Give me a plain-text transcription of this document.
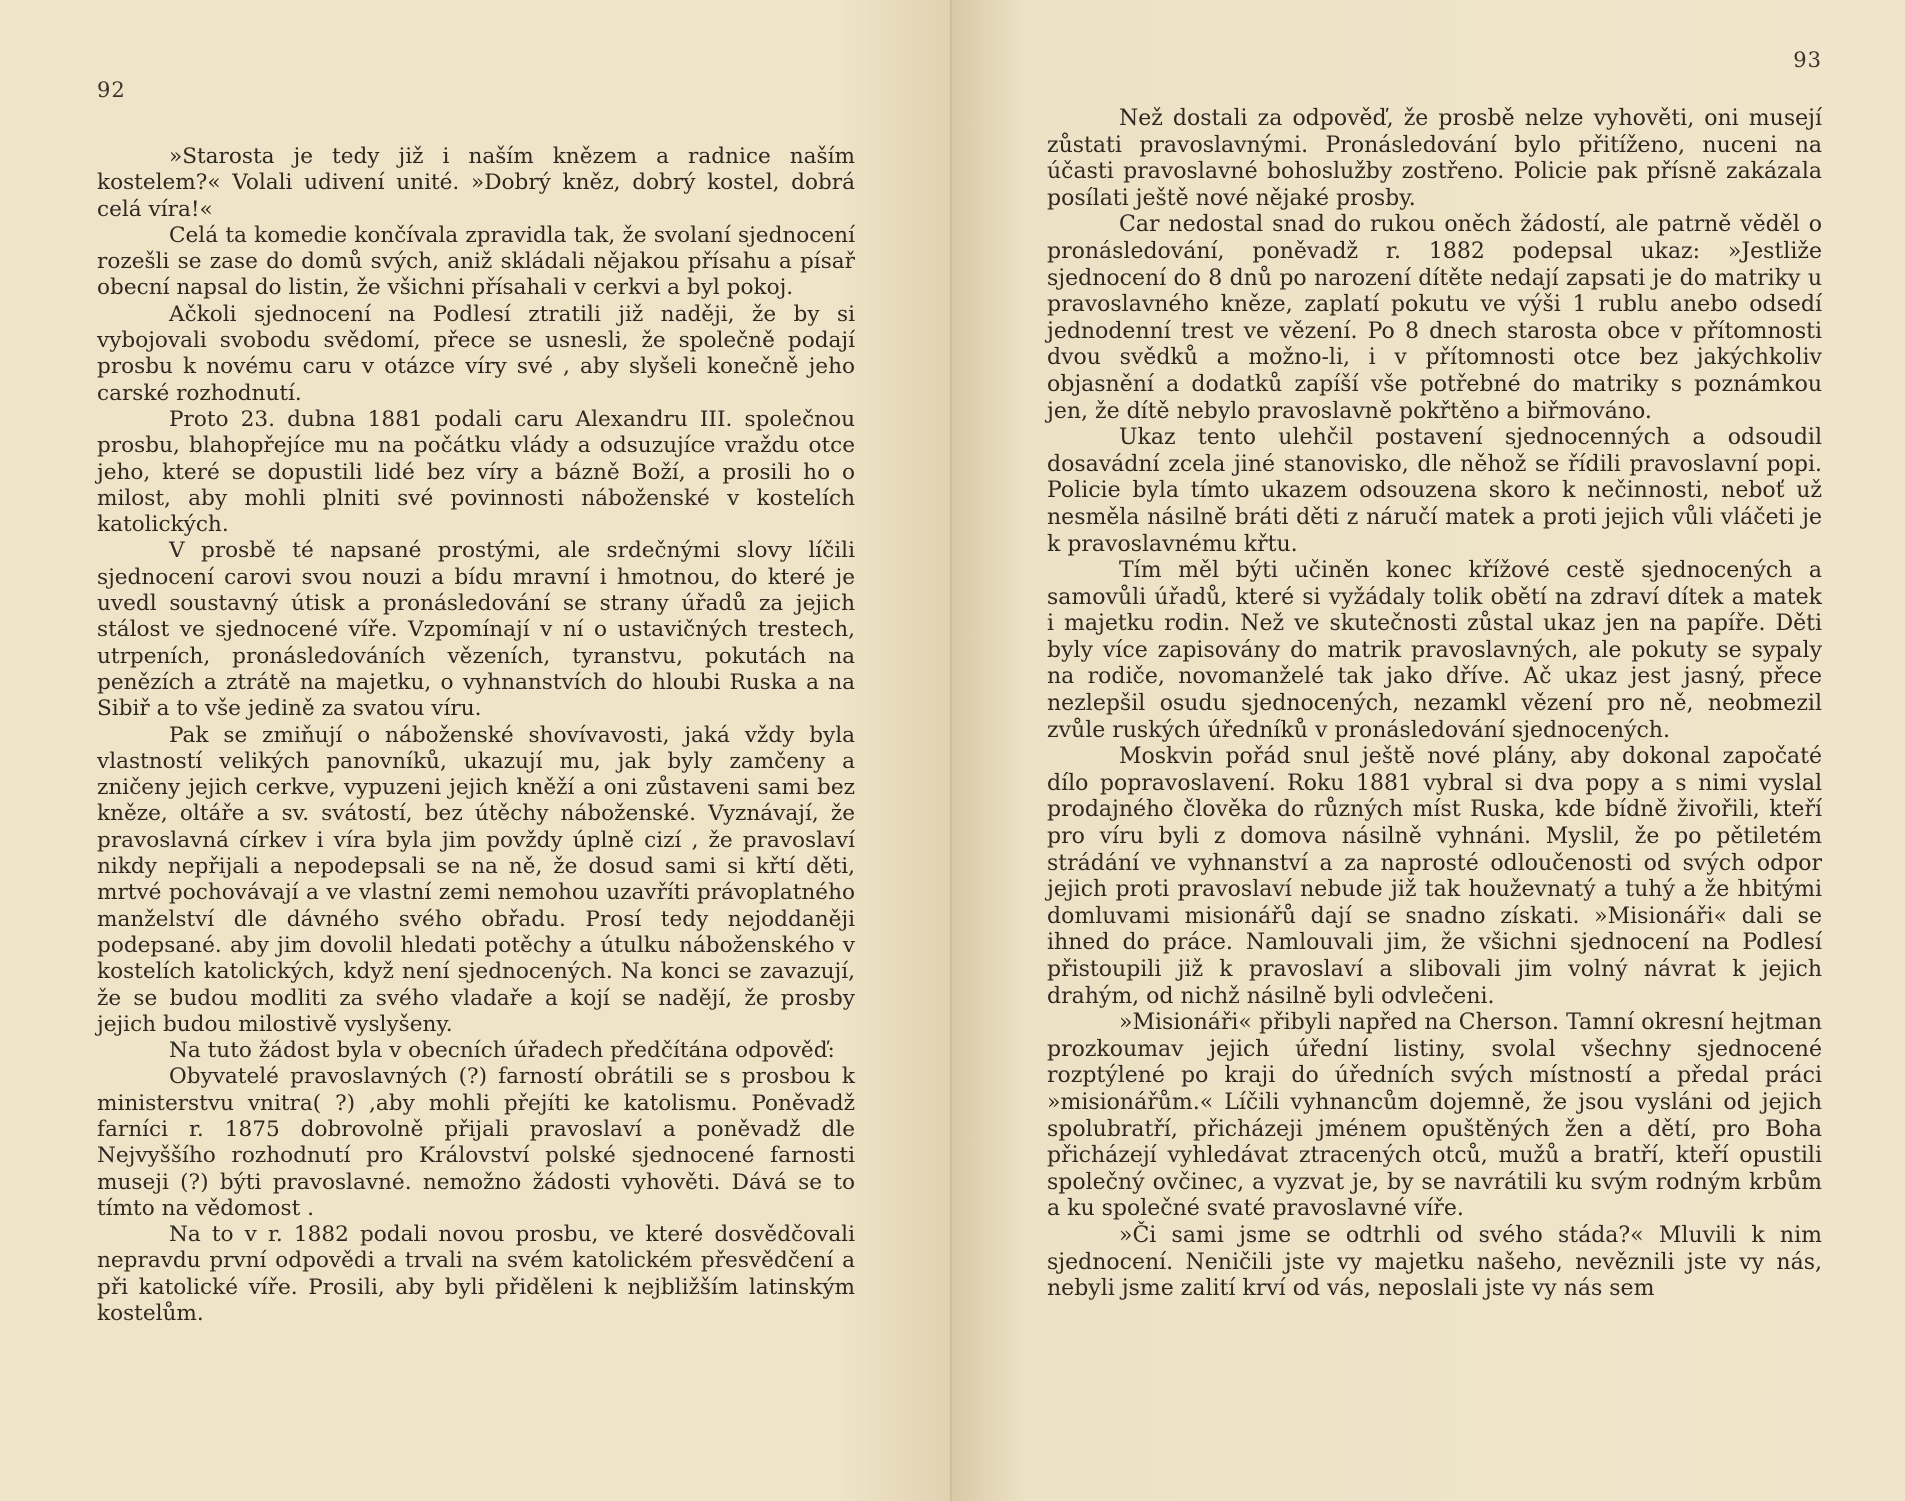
92

»Starosta je tedy již i naším knězem a radnice naším kostelem?« Volali udivení unité. »Dobrý kněz, dobrý kostel, dobrá celá víra!«

Celá ta komedie končívala zpravidla tak, že svolaní sjednocení rozešli se zase do domů svých, aniž skládali nějakou přísahu a písař obecní napsal do listin, že všichni přísahali v cerkvi a byl pokoj.

Ačkoli sjednocení na Podlesí ztratili již naději, že by si vybojovali svobodu svědomí, přece se usnesli, že společně podají prosbu k novému caru v otázce víry své , aby slyšeli konečně jeho carské rozhodnutí.

Proto 23. dubna 1881 podali caru Alexandru III. společnou prosbu, blahopřejíce mu na počátku vlády a odsuzujíce vraždu otce jeho, které se dopustili lidé bez víry a bázně Boží, a prosili ho o milost, aby mohli plniti své povinnosti náboženské v kostelích katolických.

V prosbě té napsané prostými, ale srdečnými slovy líčili sjednocení carovi svou nouzi a bídu mravní i hmotnou, do které je uvedl soustavný útisk a pronásledování se strany úřadů za jejich stálost ve sjednocené víře. Vzpomínají v ní o ustavičných trestech, utrpeních, pronásledováních vězeních, tyranstvu, pokutách na penězích a ztrátě na majetku, o vyhnanstvích do hloubi Ruska a na Sibiř a to vše jedině za svatou víru.

Pak se zmiňují o náboženské shovívavosti, jaká vždy byla vlastností velikých panovníků, ukazují mu, jak byly zamčeny a zničeny jejich cerkve, vypuzeni jejich kněží a oni zůstaveni sami bez kněze, oltáře a sv. svátostí, bez útěchy náboženské. Vyznávají, že pravoslavná církev i víra byla jim povždy úplně cizí , že pravoslaví nikdy nepřijali a nepodepsali se na ně, že dosud sami si křtí děti, mrtvé pochovávají a ve vlastní zemi nemohou uzavříti právoplatného manželství dle dávného svého obřadu. Prosí tedy nejoddaněji podepsané. aby jim dovolil hledati potěchy a útulku náboženského v kostelích katolických, když není sjednocených. Na konci se zavazují, že se budou modliti za svého vladaře a kojí se nadějí, že prosby jejich budou milostivě vyslyšeny.

Na tuto žádost byla v obecních úřadech předčítána odpověď:

Obyvatelé pravoslavných (?) farností obrátili se s prosbou k ministerstvu vnitra( ?) ,aby mohli přejíti ke katolismu. Poněvadž farníci r. 1875 dobrovolně přijali pravoslaví a poněvadž dle Nejvyššího rozhodnutí pro Království polské sjednocené farnosti museji (?) býti pravoslavné. nemožno žádosti vyhověti. Dává se to tímto na vědomost .

Na to v r. 1882 podali novou prosbu, ve které dosvědčovali nepravdu první odpovědi a trvali na svém katolickém přesvědčení a při katolické víře. Prosili, aby byli přiděleni k nejbližším latinským kostelům.

93

Než dostali za odpověď, že prosbě nelze vyhověti, oni musejí zůstati pravoslavnými. Pronásledování bylo přitíženo, nuceni na účasti pravoslavné bohoslužby zostřeno. Policie pak přísně zakázala posílati ještě nové nějaké prosby.

Car nedostal snad do rukou oněch žádostí, ale patrně věděl o pronásledování, poněvadž r. 1882 podepsal ukaz: »Jestliže sjednocení do 8 dnů po narození dítěte nedají zapsati je do matriky u pravoslavného kněze, zaplatí pokutu ve výši 1 rublu anebo odsedí jednodenní trest ve vězení. Po 8 dnech starosta obce v přítomnosti dvou svědků a možno-li, i v přítomnosti otce bez jakýchkoliv objasnění a dodatků zapíší vše potřebné do matriky s poznámkou jen, že dítě nebylo pravoslavně pokřtěno a biřmováno.

Ukaz tento ulehčil postavení sjednocenných a odsoudil dosavádní zcela jiné stanovisko, dle něhož se řídili pravoslavní popi. Policie byla tímto ukazem odsouzena skoro k nečinnosti, neboť už nesměla násilně bráti děti z náručí matek a proti jejich vůli vláčeti je k pravoslavnému křtu.

Tím měl býti učiněn konec křížové cestě sjednocených a samovůli úřadů, které si vyžádaly tolik obětí na zdraví dítek a matek i majetku rodin. Než ve skutečnosti zůstal ukaz jen na papíře. Děti byly více zapisovány do matrik pravoslavných, ale pokuty se sypaly na rodiče, novomanželé tak jako dříve. Ač ukaz jest jasný, přece nezlepšil osudu sjednocených, nezamkl vězení pro ně, neobmezil zvůle ruských úředníků v pronásledování sjednocených.

Moskvin pořád snul ještě nové plány, aby dokonal započaté dílo popravoslavení. Roku 1881 vybral si dva popy a s nimi vyslal prodajného člověka do různých míst Ruska, kde bídně živořili, kteří pro víru byli z domova násilně vyhnáni. Myslil, že po pětiletém strádání ve vyhnanství a za naprosté odloučenosti od svých odpor jejich proti pravoslaví nebude již tak houževnatý a tuhý a že hbitými domluvami misionářů dají se snadno získati. »Misionáři« dali se ihned do práce. Namlouvali jim, že všichni sjednocení na Podlesí přistoupili již k pravoslaví a slibovali jim volný návrat k jejich drahým, od nichž násilně byli odvlečeni.

»Misionáři« přibyli napřed na Cherson. Tamní okresní hejtman prozkoumav jejich úřední listiny, svolal všechny sjednocené rozptýlené po kraji do úředních svých místností a předal práci »misionářům.« Líčili vyhnancům dojemně, že jsou vysláni od jejich spolubratří, přicházeji jménem opuštěných žen a dětí, pro Boha přicházejí vyhledávat ztracených otců, mužů a bratří, kteří opustili společný ovčinec, a vyzvat je, by se navrátili ku svým rodným krbům a ku společné svaté pravoslavné víře.

»Či sami jsme se odtrhli od svého stáda?« Mluvili k nim sjednocení. Neničili jste vy majetku našeho, nevěznili jste vy nás, nebyli jsme zalití krví od vás, neposlali jste vy nás sem
